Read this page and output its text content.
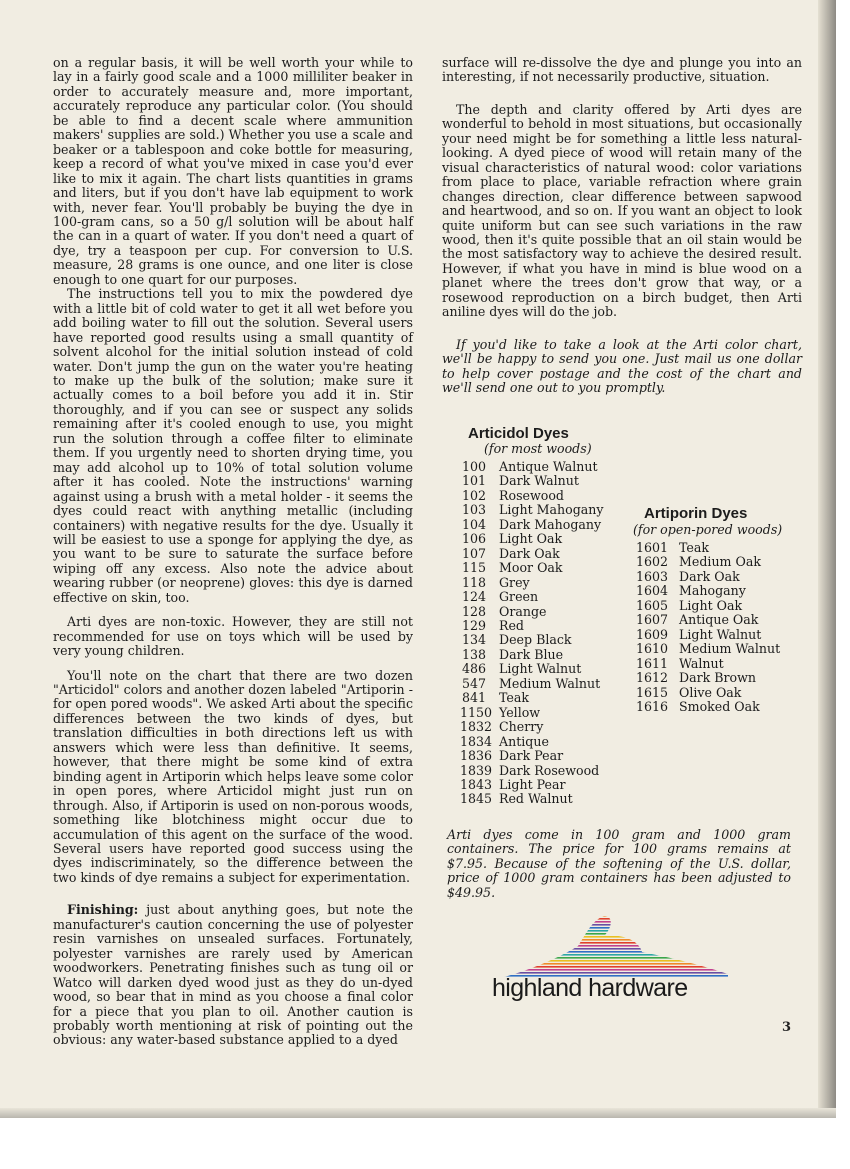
on a regular basis, it will be well worth your while to lay in a fairly good scale and a 1000 milliliter beaker in order to accurately measure and, more important, accurately reproduce any particular color. (You should be able to find a decent scale where ammunition makers' supplies are sold.) Whether you use a scale and beaker or a tablespoon and coke bottle for measuring, keep a record of what you've mixed in case you'd ever like to mix it again. The chart lists quantities in grams and liters, but if you don't have lab equipment to work with, never fear. You'll probably be buying the dye in 100-gram cans, so a 50 g/l solution will be about half the can in a quart of water. If you don't need a quart of dye, try a teaspoon per cup. For conversion to U.S. measure, 28 grams is one ounce, and one liter is close enough to one quart for our purposes.

The instructions tell you to mix the powdered dye with a little bit of cold water to get it all wet before you add boiling water to fill out the solution. Several users have reported good results using a small quantity of solvent alcohol for the initial solution instead of cold water. Don't jump the gun on the water you're heating to make up the bulk of the solution; make sure it actually comes to a boil before you add it in. Stir thoroughly, and if you can see or suspect any solids remaining after it's cooled enough to use, you might run the solution through a coffee filter to eliminate them. If you urgently need to shorten drying time, you may add alcohol up to 10% of total solution volume after it has cooled. Note the instructions' warning against using a brush with a metal holder - it seems the dyes could react with anything metallic (including containers) with negative results for the dye. Usually it will be easiest to use a sponge for applying the dye, as you want to be sure to saturate the surface before wiping off any excess. Also note the advice about wearing rubber (or neoprene) gloves: this dye is darned effective on skin, too.

Arti dyes are non-toxic. However, they are still not recommended for use on toys which will be used by very young children.

You'll note on the chart that there are two dozen "Articidol" colors and another dozen labeled "Artiporin - for open pored woods". We asked Arti about the specific differences between the two kinds of dyes, but translation difficulties in both directions left us with answers which were less than definitive. It seems, however, that there might be some kind of extra binding agent in Artiporin which helps leave some color in open pores, where Articidol might just run on through. Also, if Artiporin is used on non-porous woods, something like blotchiness might occur due to accumulation of this agent on the surface of the wood. Several users have reported good success using the dyes indiscriminately, so the difference between the two kinds of dye remains a subject for experimentation.

Finishing: just about anything goes, but note the manufacturer's caution concerning the use of polyester resin varnishes on unsealed surfaces. Fortunately, polyester varnishes are rarely used by American woodworkers. Penetrating finishes such as tung oil or Watco will darken dyed wood just as they do un-dyed wood, so bear that in mind as you choose a final color for a piece that you plan to oil. Another caution is probably worth mentioning at risk of pointing out the obvious: any water-based substance applied to a dyed

surface will re-dissolve the dye and plunge you into an interesting, if not necessarily productive, situation.

The depth and clarity offered by Arti dyes are wonderful to behold in most situations, but occasionally your need might be for something a little less natural-looking. A dyed piece of wood will retain many of the visual characteristics of natural wood: color variations from place to place, variable refraction where grain changes direction, clear difference between sapwood and heartwood, and so on. If you want an object to look quite uniform but can see such variations in the raw wood, then it's quite possible that an oil stain would be the most satisfactory way to achieve the desired result. However, if what you have in mind is blue wood on a planet where the trees don't grow that way, or a rosewood reproduction on a birch budget, then Arti aniline dyes will do the job.

If you'd like to take a look at the Arti color chart, we'll be happy to send you one. Just mail us one dollar to help cover postage and the cost of the chart and we'll send one out to you promptly.

Articidol Dyes
(for most woods)
100 Antique Walnut
101 Dark Walnut
102 Rosewood
103 Light Mahogany
104 Dark Mahogany
106 Light Oak
107 Dark Oak
115 Moor Oak
118 Grey
124 Green
128 Orange
129 Red
134 Deep Black
138 Dark Blue
486 Light Walnut
547 Medium Walnut
841 Teak
1150 Yellow
1832 Cherry
1834 Antique
1836 Dark Pear
1839 Dark Rosewood
1843 Light Pear
1845 Red Walnut
Artiporin Dyes
(for open-pored woods)
1601 Teak
1602 Medium Oak
1603 Dark Oak
1604 Mahogany
1605 Light Oak
1607 Antique Oak
1609 Light Walnut
1610 Medium Walnut
1611 Walnut
1612 Dark Brown
1615 Olive Oak
1616 Smoked Oak
Arti dyes come in 100 gram and 1000 gram containers. The price for 100 grams remains at $7.95. Because of the softening of the U.S. dollar, price of 1000 gram containers has been adjusted to $49.95.
highland hardware
3
